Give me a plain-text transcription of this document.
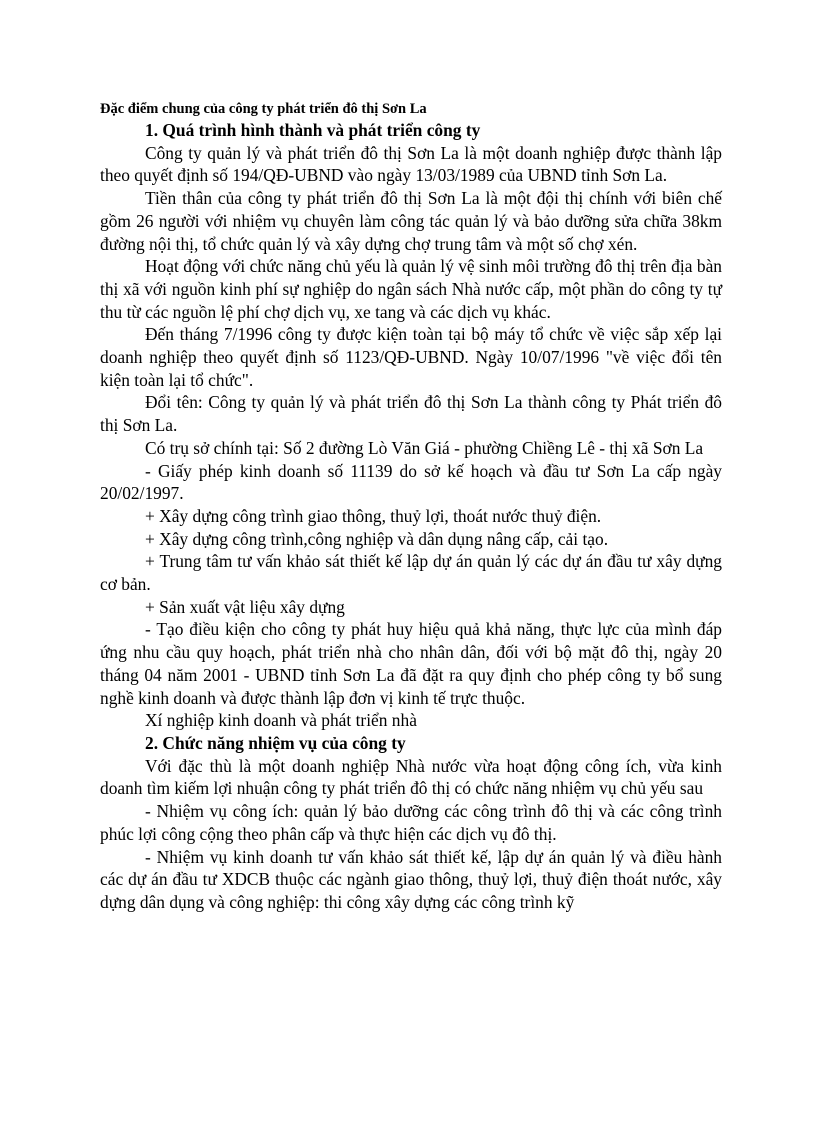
Đặc điểm chung của công ty phát triển đô thị Sơn La

1. Quá trình hình thành và phát triển công ty

Công ty quản lý và phát triển đô thị Sơn La là một doanh nghiệp được thành lập theo quyết định số 194/QĐ-UBND vào ngày 13/03/1989 của UBND tỉnh Sơn La.

Tiền thân của công ty phát triển đô thị Sơn La là một đội thị chính với biên chế gồm 26 người với nhiệm vụ chuyên làm công tác quản lý và bảo dưỡng sửa chữa 38km đường nội thị, tổ chức quản lý và xây dựng chợ trung tâm và một số chợ xén.

Hoạt động với chức năng chủ yếu là quản lý vệ sinh môi trường đô thị trên địa bàn thị xã với nguồn kinh phí sự nghiệp do ngân sách Nhà nước cấp, một phần do công ty tự thu từ các nguồn lệ phí chợ dịch vụ, xe tang và các dịch vụ khác.

Đến tháng 7/1996 công ty được kiện toàn tại bộ máy tổ chức về việc sắp xếp lại doanh nghiệp theo quyết định số 1123/QĐ-UBND. Ngày 10/07/1996 "về việc đổi tên kiện toàn lại tổ chức".

Đổi tên: Công ty quản lý và phát triển đô thị Sơn La thành công ty Phát triển đô thị Sơn La.

Có trụ sở chính tại: Số 2 đường Lò Văn Giá - phường Chiềng Lê - thị xã Sơn La

- Giấy phép kinh doanh số 11139 do sở kế hoạch và đầu tư Sơn La cấp ngày 20/02/1997.

+ Xây dựng công trình giao thông, thuỷ lợi, thoát nước thuỷ điện.

+ Xây dựng công trình,công nghiệp và dân dụng nâng cấp, cải tạo.

+ Trung tâm tư vấn khảo sát thiết kế lập dự án quản lý các dự án đầu tư xây dựng cơ bản.

+ Sản xuất vật liệu xây dựng

- Tạo điều kiện cho công ty phát huy hiệu quả khả năng, thực lực của mình đáp ứng nhu cầu quy hoạch, phát triển nhà cho nhân dân, đối với bộ mặt đô thị, ngày 20 tháng 04 năm 2001 - UBND tỉnh Sơn La đã đặt ra quy định cho phép công ty bổ sung nghề kinh doanh và được thành lập đơn vị kinh tế trực thuộc.

Xí nghiệp kinh doanh và phát triển nhà

2. Chức năng nhiệm vụ của công ty

Với đặc thù là một doanh nghiệp Nhà nước vừa hoạt động công ích, vừa kinh doanh tìm kiếm lợi nhuận công ty phát triển đô thị có chức năng nhiệm vụ chủ yếu sau

- Nhiệm vụ công ích: quản lý bảo dưỡng các công trình đô thị và các công trình phúc lợi công cộng theo phân cấp và thực hiện các dịch vụ đô thị.

- Nhiệm vụ kinh doanh tư vấn khảo sát thiết kế, lập dự án quản lý và điều hành các dự án đầu tư XDCB thuộc các ngành giao thông, thuỷ lợi, thuỷ điện thoát nước, xây dựng dân dụng và công nghiệp: thi công xây dựng các công trình kỹ
